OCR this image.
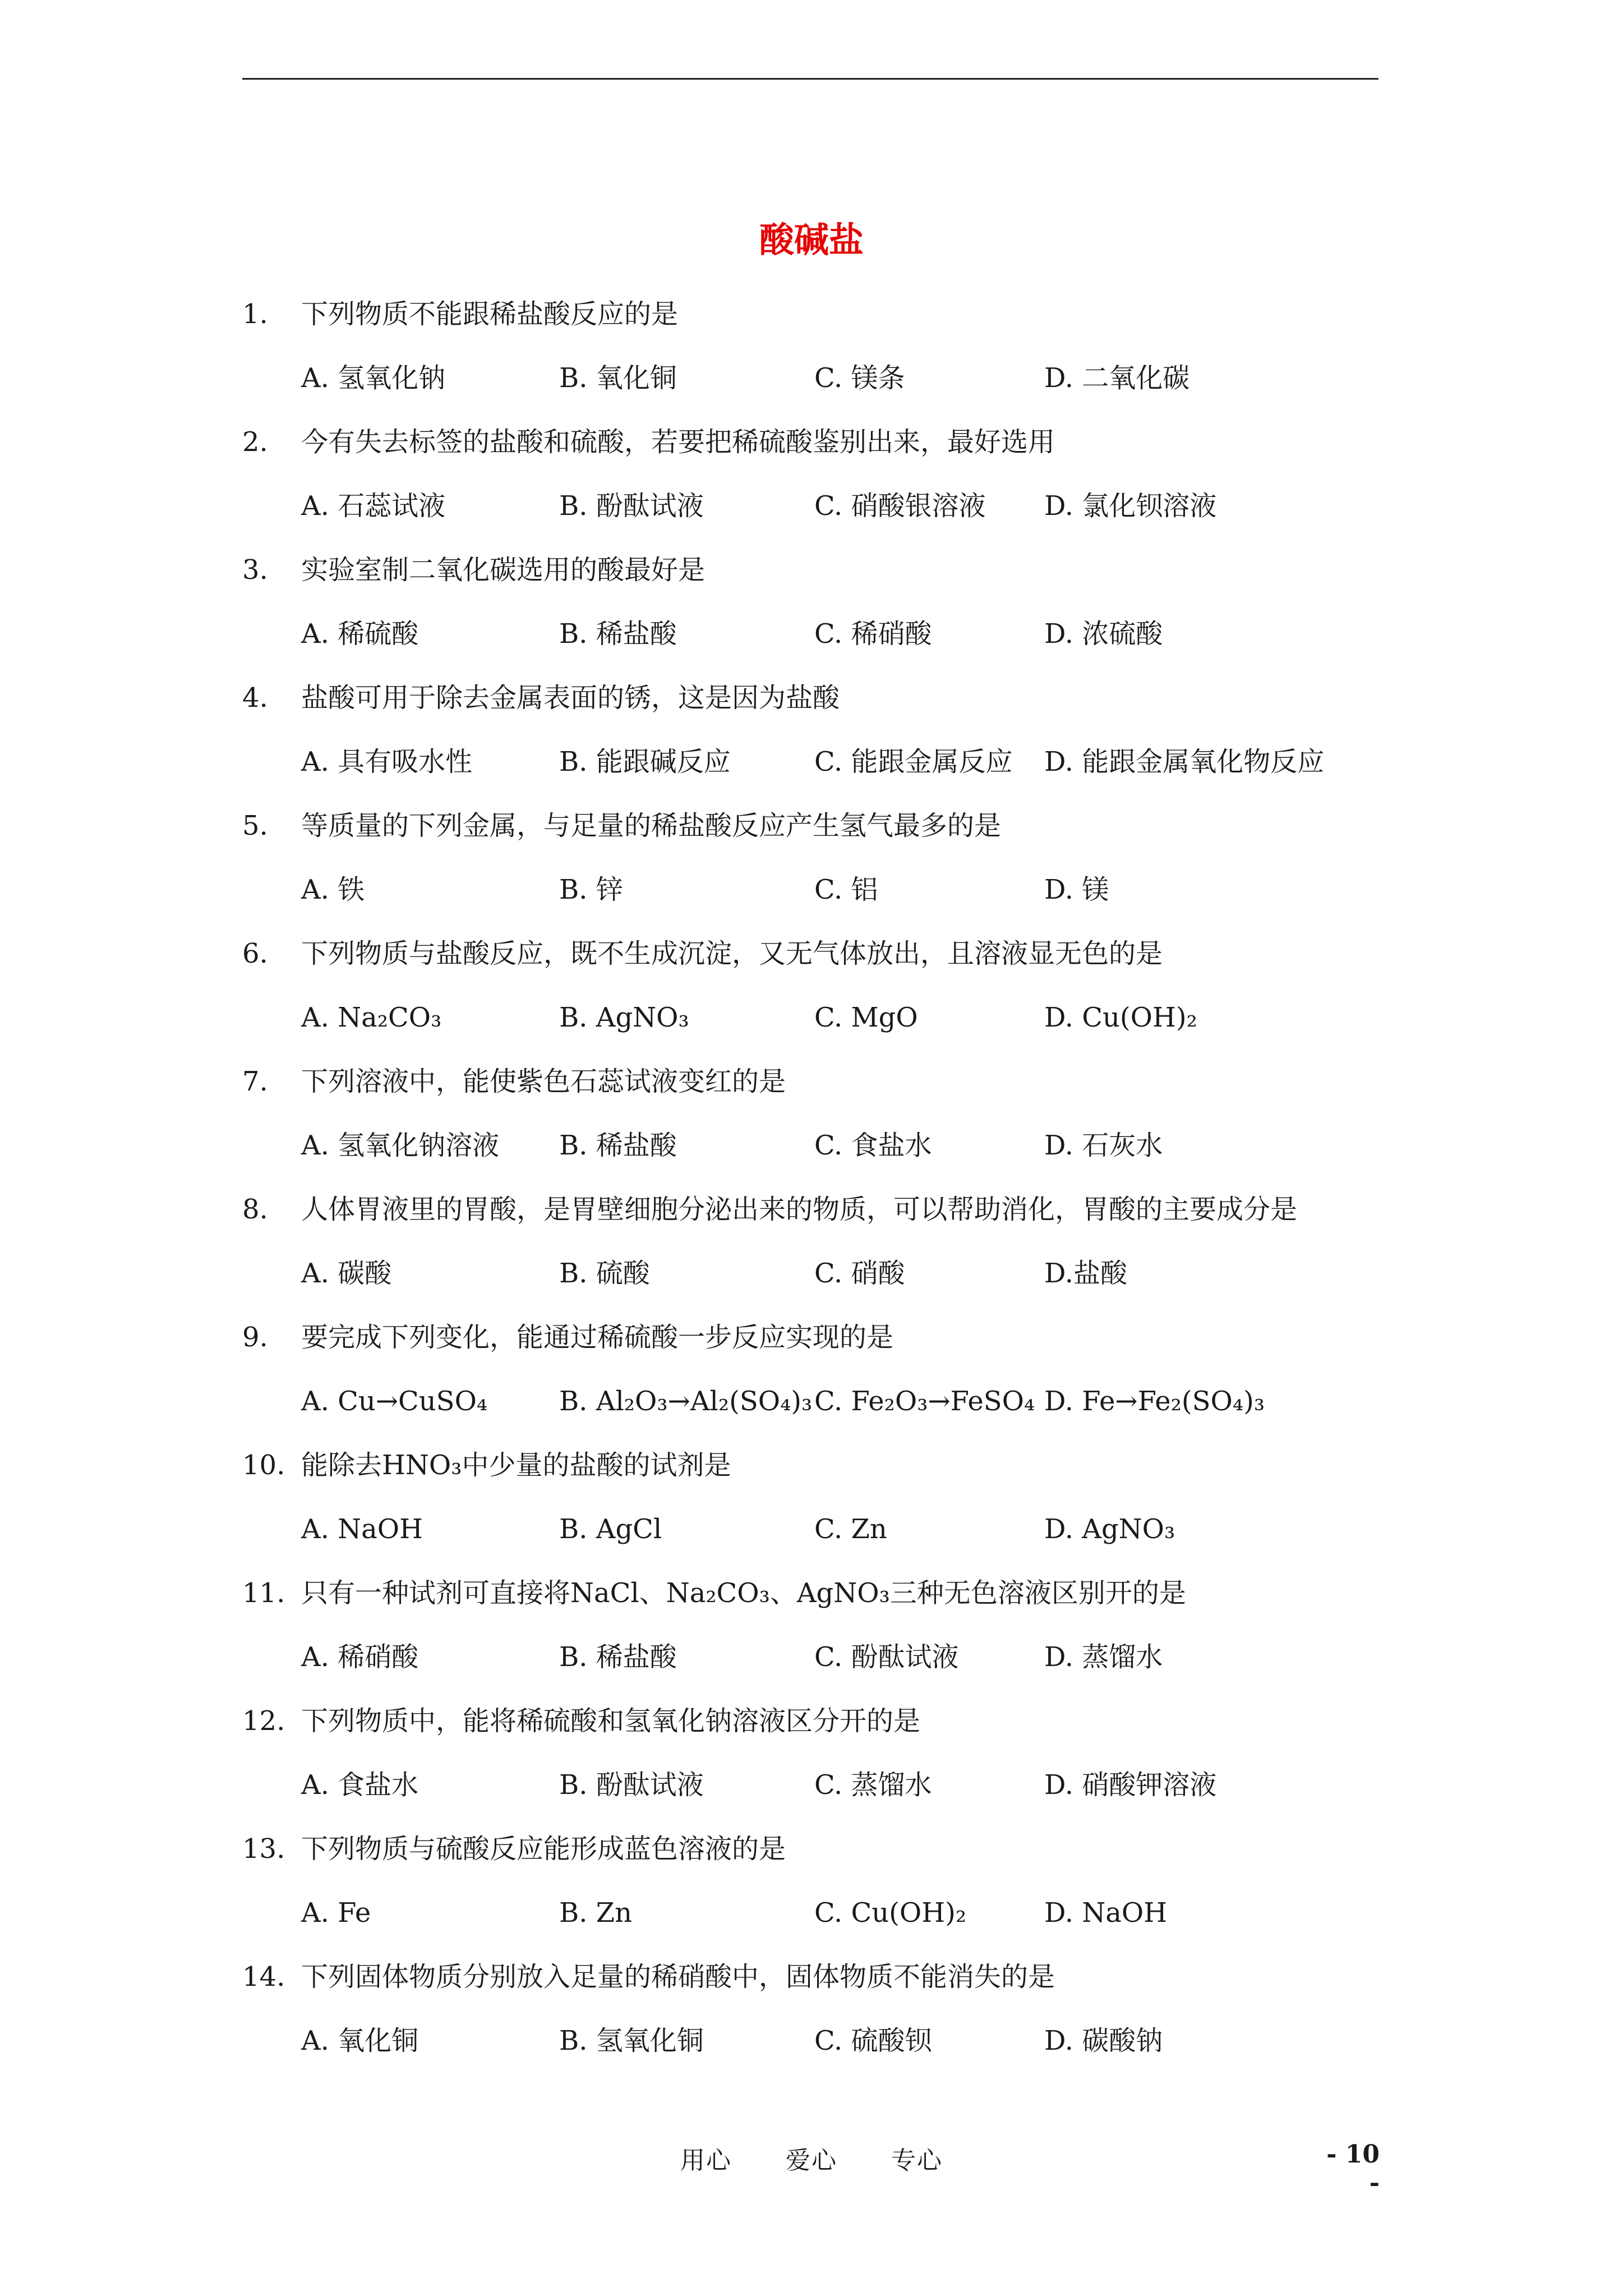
酸碱盐
1. 下列物质不能跟稀盐酸反应的是
A. 氢氧化钠	B. 氧化铜	C. 镁条	D. 二氧化碳
2. 今有失去标签的盐酸和硫酸，若要把稀硫酸鉴别出来，最好选用
A. 石蕊试液	B. 酚酞试液	C. 硝酸银溶液 D. 氯化钡溶液
3. 实验室制二氧化碳选用的酸最好是
A. 稀硫酸	B. 稀盐酸	C. 稀硝酸	D. 浓硫酸
4. 盐酸可用于除去金属表面的锈，这是因为盐酸
A. 具有吸水性	B. 能跟碱反应	C. 能跟金属反应 D. 能跟金属氧化物反应
5. 等质量的下列金属，与足量的稀盐酸反应产生氢气最多的是
A. 铁	B. 锌	C. 铝	D. 镁
6. 下列物质与盐酸反应，既不生成沉淀，又无气体放出，且溶液显无色的是
A. Na₂CO₃	B. AgNO₃	C. MgO	D. Cu(OH)₂
7. 下列溶液中，能使紫色石蕊试液变红的是
A. 氢氧化钠溶液 B. 稀盐酸	C. 食盐水	D. 石灰水
8. 人体胃液里的胃酸，是胃壁细胞分泌出来的物质，可以帮助消化，胃酸的主要成分是
A. 碳酸	B. 硫酸	C. 硝酸	D.盐酸
9. 要完成下列变化，能通过稀硫酸一步反应实现的是
A. Cu→CuSO₄	B. Al₂O₃→Al₂(SO₄)₃ C. Fe₂O₃→FeSO₄ D. Fe→Fe₂(SO₄)₃
10. 能除去HNO₃中少量的盐酸的试剂是
A. NaOH	B. AgCl	C. Zn	D. AgNO₃
11. 只有一种试剂可直接将NaCl、Na₂CO₃、AgNO₃三种无色溶液区别开的是
A. 稀硝酸	B. 稀盐酸	C. 酚酞试液	D. 蒸馏水
12. 下列物质中，能将稀硫酸和氢氧化钠溶液区分开的是
A. 食盐水	B. 酚酞试液	C. 蒸馏水	D. 硝酸钾溶液
13. 下列物质与硫酸反应能形成蓝色溶液的是
A. Fe	B. Zn	C. Cu(OH)₂	D. NaOH
14. 下列固体物质分别放入足量的稀硝酸中，固体物质不能消失的是
A. 氧化铜	B. 氢氧化铜	C. 硫酸钡	D. 碳酸钠
用心 爱心 专心	- 10 -
